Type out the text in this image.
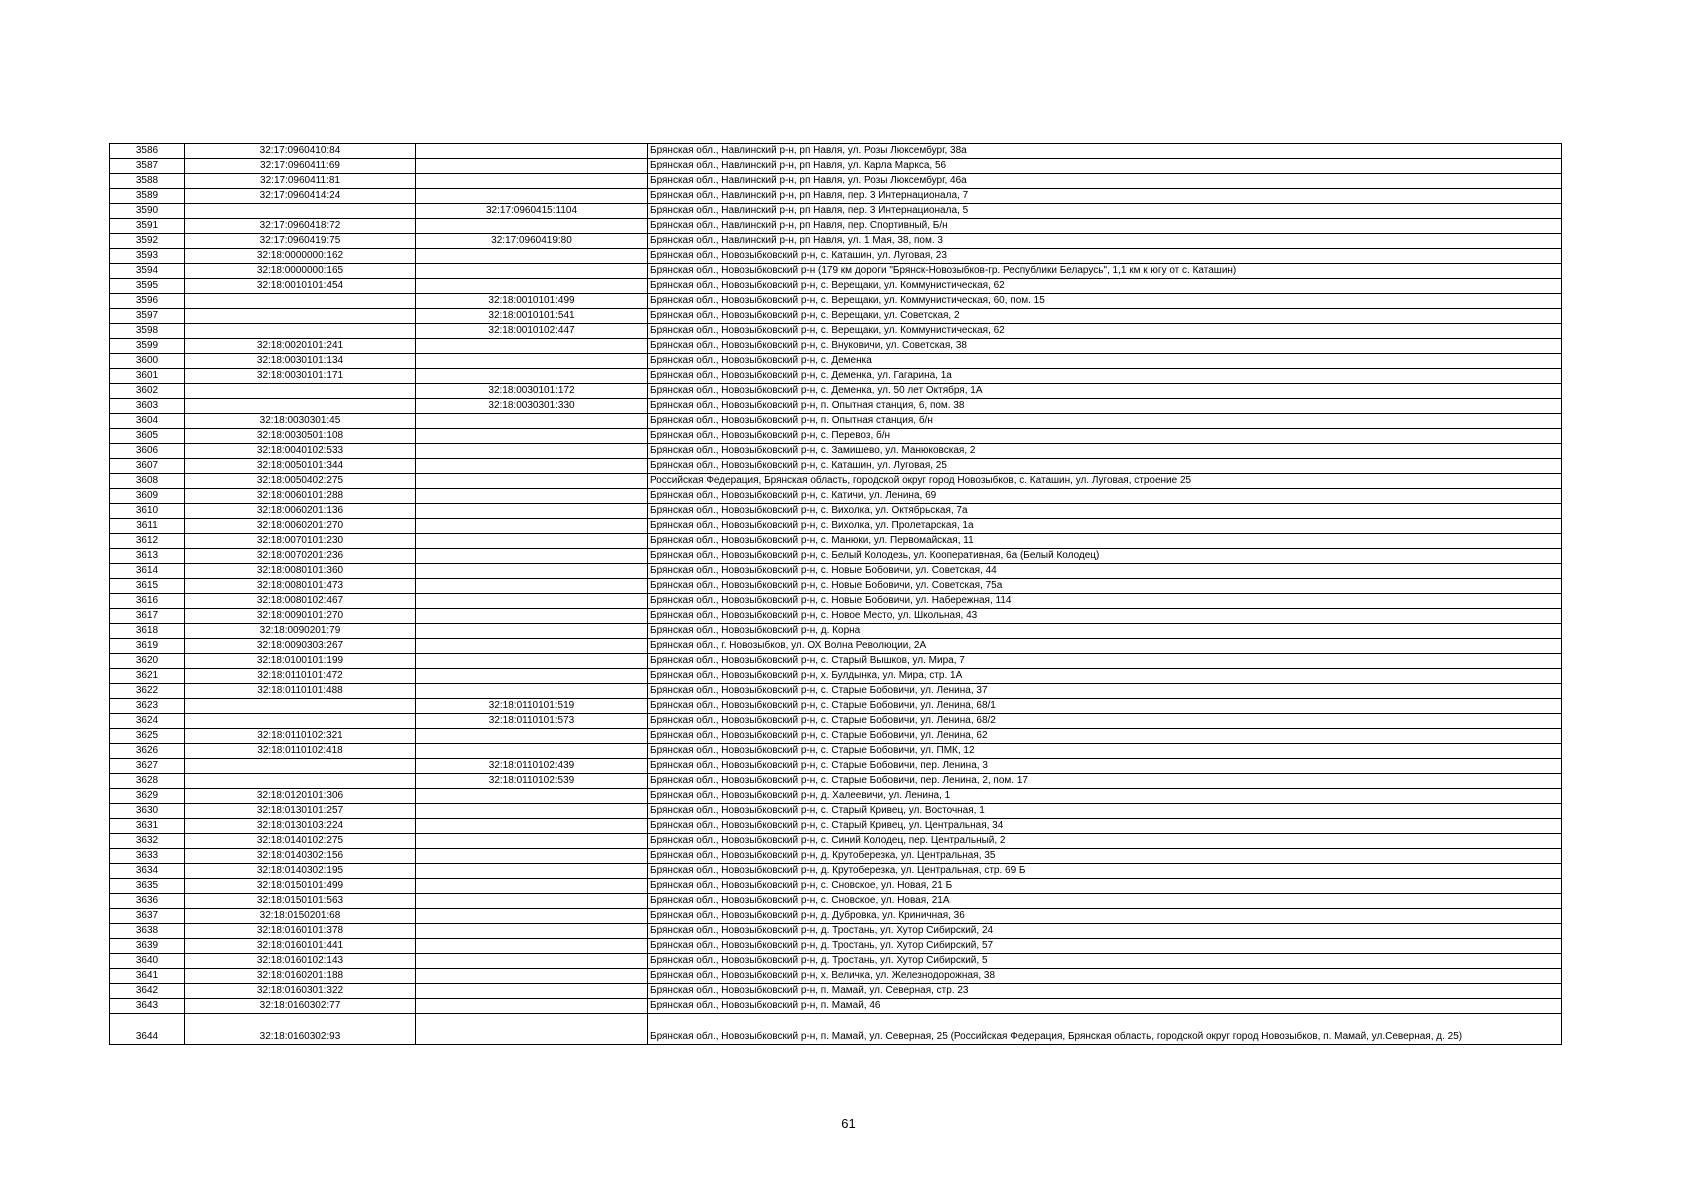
3586	32:17:0960410:84		Брянская обл., Навлинский р-н, рп Навля, ул. Розы Люксембург, 38а
3587	32:17:0960411:69		Брянская обл., Навлинский р-н, рп Навля, ул. Карла Маркса, 56
3588	32:17:0960411:81		Брянская обл., Навлинский р-н, рп Навля, ул. Розы Люксембург, 46а
3589	32:17:0960414:24		Брянская обл., Навлинский р-н, рп Навля, пер. 3 Интернационала, 7
3590		32:17:0960415:1104	Брянская обл., Навлинский р-н, рп Навля, пер. 3 Интернационала, 5
3591	32:17:0960418:72		Брянская обл., Навлинский р-н, рп Навля, пер. Спортивный, Б/н
3592	32:17:0960419:75	32:17:0960419:80	Брянская обл., Навлинский р-н, рп Навля, ул. 1 Мая, 38, пом. 3
3593	32:18:0000000:162		Брянская обл., Новозыбковский р-н, с. Каташин, ул. Луговая, 23
3594	32:18:0000000:165		Брянская обл., Новозыбковский р-н (179 км дороги "Брянск-Новозыбков-гр. Республики Беларусь", 1,1 км к югу от с. Каташин)
3595	32:18:0010101:454		Брянская обл., Новозыбковский р-н, с. Верещаки, ул. Коммунистическая, 62
3596		32:18:0010101:499	Брянская обл., Новозыбковский р-н, с. Верещаки, ул. Коммунистическая, 60, пом. 15
3597		32:18:0010101:541	Брянская обл., Новозыбковский р-н, с. Верещаки, ул. Советская, 2
3598		32:18:0010102:447	Брянская обл., Новозыбковский р-н, с. Верещаки, ул. Коммунистическая, 62
3599	32:18:0020101:241		Брянская обл., Новозыбковский р-н, с. Внуковичи, ул. Советская, 38
3600	32:18:0030101:134		Брянская обл., Новозыбковский р-н, с. Деменка
3601	32:18:0030101:171		Брянская обл., Новозыбковский р-н, с. Деменка, ул. Гагарина, 1а
3602		32:18:0030101:172	Брянская обл., Новозыбковский р-н, с. Деменка, ул. 50 лет Октября, 1А
3603		32:18:0030301:330	Брянская обл., Новозыбковский р-н, п. Опытная станция, 6, пом. 38
3604	32:18:0030301:45		Брянская обл., Новозыбковский р-н, п. Опытная станция, б/н
3605	32:18:0030501:108		Брянская обл., Новозыбковский р-н, с. Перевоз, б/н
3606	32:18:0040102:533		Брянская обл., Новозыбковский р-н, с. Замишево, ул. Манюковская, 2
3607	32:18:0050101:344		Брянская обл., Новозыбковский р-н, с. Каташин, ул. Луговая, 25
3608	32:18:0050402:275		Российская Федерация, Брянская область, городской округ город Новозыбков, с. Каташин, ул. Луговая, строение 25
3609	32:18:0060101:288		Брянская обл., Новозыбковский р-н, с. Катичи, ул. Ленина, 69
3610	32:18:0060201:136		Брянская обл., Новозыбковский р-н, с. Вихолка, ул. Октябрьская, 7а
3611	32:18:0060201:270		Брянская обл., Новозыбковский р-н, с. Вихолка, ул. Пролетарская, 1а
3612	32:18:0070101:230		Брянская обл., Новозыбковский р-н, с. Манюки, ул. Первомайская, 11
3613	32:18:0070201:236		Брянская обл., Новозыбковский р-н, с. Белый Колодезь, ул. Кооперативная, 6а (Белый Колодец)
3614	32:18:0080101:360		Брянская обл., Новозыбковский р-н, с. Новые Бобовичи, ул. Советская, 44
3615	32:18:0080101:473		Брянская обл., Новозыбковский р-н, с. Новые Бобовичи, ул. Советская, 75а
3616	32:18:0080102:467		Брянская обл., Новозыбковский р-н, с. Новые Бобовичи, ул. Набережная, 114
3617	32:18:0090101:270		Брянская обл., Новозыбковский р-н, с. Новое Место, ул. Школьная, 43
3618	32:18:0090201:79		Брянская обл., Новозыбковский р-н, д. Корна
3619	32:18:0090303:267		Брянская обл., г. Новозыбков, ул. ОХ Волна Революции, 2А
3620	32:18:0100101:199		Брянская обл., Новозыбковский р-н, с. Старый Вышков, ул. Мира, 7
3621	32:18:0110101:472		Брянская обл., Новозыбковский р-н, х. Булдынка, ул. Мира, стр. 1А
3622	32:18:0110101:488		Брянская обл., Новозыбковский р-н, с. Старые Бобовичи, ул. Ленина, 37
3623		32:18:0110101:519	Брянская обл., Новозыбковский р-н, с. Старые Бобовичи, ул. Ленина, 68/1
3624		32:18:0110101:573	Брянская обл., Новозыбковский р-н, с. Старые Бобовичи, ул. Ленина, 68/2
3625	32:18:0110102:321		Брянская обл., Новозыбковский р-н, с. Старые Бобовичи, ул. Ленина, 62
3626	32:18:0110102:418		Брянская обл., Новозыбковский р-н, с. Старые Бобовичи, ул. ПМК, 12
3627		32:18:0110102:439	Брянская обл., Новозыбковский р-н, с. Старые Бобовичи, пер. Ленина, 3
3628		32:18:0110102:539	Брянская обл., Новозыбковский р-н, с. Старые Бобовичи, пер. Ленина, 2, пом. 17
3629	32:18:0120101:306		Брянская обл., Новозыбковский р-н, д. Халеевичи, ул. Ленина, 1
3630	32:18:0130101:257		Брянская обл., Новозыбковский р-н, с. Старый Кривец, ул. Восточная, 1
3631	32:18:0130103:224		Брянская обл., Новозыбковский р-н, с. Старый Кривец, ул. Центральная, 34
3632	32:18:0140102:275		Брянская обл., Новозыбковский р-н, с. Синий Колодец, пер. Центральный, 2
3633	32:18:0140302:156		Брянская обл., Новозыбковский р-н, д. Крутоберезка, ул. Центральная, 35
3634	32:18:0140302:195		Брянская обл., Новозыбковский р-н, д. Крутоберезка, ул. Центральная, стр. 69 Б
3635	32:18:0150101:499		Брянская обл., Новозыбковский р-н, с. Сновское, ул. Новая, 21 Б
3636	32:18:0150101:563		Брянская обл., Новозыбковский р-н, с. Сновское, ул. Новая, 21А
3637	32:18:0150201:68		Брянская обл., Новозыбковский р-н, д. Дубровка, ул. Криничная, 36
3638	32:18:0160101:378		Брянская обл., Новозыбковский р-н, д. Тростань, ул. Хутор Сибирский, 24
3639	32:18:0160101:441		Брянская обл., Новозыбковский р-н, д. Тростань, ул. Хутор Сибирский, 57
3640	32:18:0160102:143		Брянская обл., Новозыбковский р-н, д. Тростань, ул. Хутор Сибирский, 5
3641	32:18:0160201:188		Брянская обл., Новозыбковский р-н, х. Величка, ул. Железнодорожная, 38
3642	32:18:0160301:322		Брянская обл., Новозыбковский р-н, п. Мамай, ул. Северная, стр. 23
3643	32:18:0160302:77		Брянская обл., Новозыбковский р-н, п. Мамай, 46
3644	32:18:0160302:93		Брянская обл., Новозыбковский р-н, п. Мамай, ул. Северная, 25 (Российская Федерация, Брянская область, городской округ город Новозыбков, п. Мамай, ул.Северная, д. 25)
61
